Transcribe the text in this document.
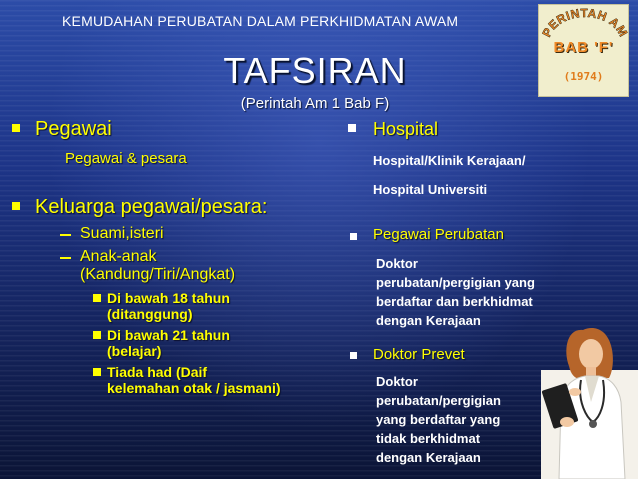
KEMUDAHAN PERUBATAN DALAM PERKHIDMATAN AWAM
PERINTAH AM
BAB 'F'
(1974)
TAFSIRAN
(Perintah Am 1 Bab F)
Pegawai
Pegawai & pesara
Keluarga pegawai/pesara:
Suami,isteri
Anak-anak
(Kandung/Tiri/Angkat)
Di bawah 18 tahun
(ditanggung)
Di bawah 21 tahun
(belajar)
Tiada had (Daif
kelemahan otak / jasmani)
Hospital
Hospital/Klinik Kerajaan/
Hospital Universiti
Pegawai Perubatan
Doktor
perubatan/pergigian yang
berdaftar dan berkhidmat
dengan Kerajaan
Doktor Prevet
Doktor
perubatan/pergigian
yang berdaftar yang
tidak berkhidmat
dengan Kerajaan
